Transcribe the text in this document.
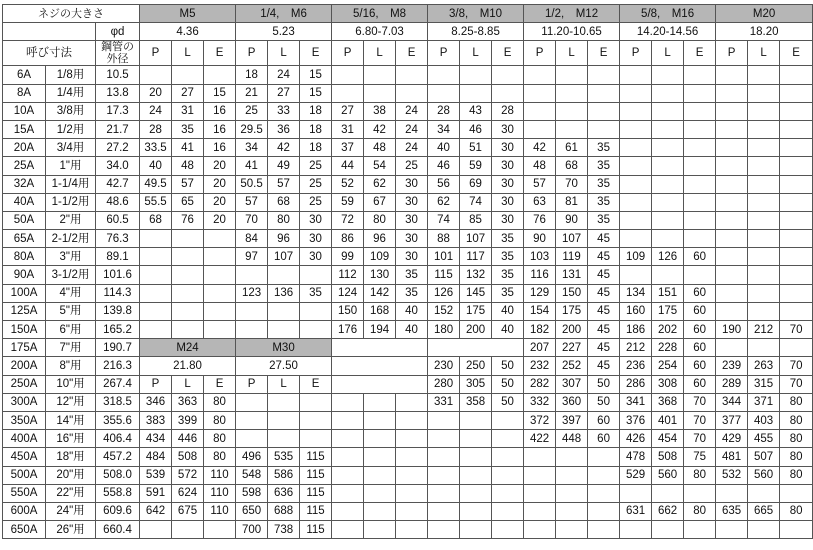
ネジの大きさ			M5			1/4,　M6			5/16,　M8			3/8,　M10			1/2,　M12			5/8,　M16			M20		
		φd	4.36			5.23			6.80-7.03			8.25-8.85			11.20-10.65			14.20-14.56			18.20		
呼び寸法		鋼管の
外径	P	L	E	P	L	E	P	L	E	P	L	E	P	L	E	P	L	E	P	L	E
6A	1/8用	10.5				18	24	15															
8A	1/4用	13.8	20	27	15	21	27	15															
10A	3/8用	17.3	24	31	16	25	33	18	27	38	24	28	43	28									
15A	1/2用	21.7	28	35	16	29.5	36	18	31	42	24	34	46	30									
20A	3/4用	27.2	33.5	41	16	34	42	18	37	48	24	40	51	30	42	61	35						
25A	1"用	34.0	40	48	20	41	49	25	44	54	25	46	59	30	48	68	35						
32A	1-1/4用	42.7	49.5	57	20	50.5	57	25	52	62	30	56	69	30	57	70	35						
40A	1-1/2用	48.6	55.5	65	20	57	68	25	59	67	30	62	74	30	63	81	35						
50A	2"用	60.5	68	76	20	70	80	30	72	80	30	74	85	30	76	90	35						
65A	2-1/2用	76.3				84	96	30	86	96	30	88	107	35	90	107	45						
80A	3"用	89.1				97	107	30	99	109	30	101	117	35	103	119	45	109	126	60			
90A	3-1/2用	101.6							112	130	35	115	132	35	116	131	45						
100A	4"用	114.3				123	136	35	124	142	35	126	145	35	129	150	45	134	151	60			
125A	5"用	139.8							150	168	40	152	175	40	154	175	45	160	175	60			
150A	6"用	165.2							176	194	40	180	200	40	182	200	45	186	202	60	190	212	70
175A	7"用	190.7	M24			M30									207	227	45	212	228	60			
200A	8"用	216.3	21.80			27.50						230	250	50	232	252	45	236	254	60	239	263	70
250A	10"用	267.4	P	L	E	P	L	E				280	305	50	282	307	50	286	308	60	289	315	70
300A	12"用	318.5	346	363	80							331	358	50	332	360	50	341	368	70	344	371	80
350A	14"用	355.6	383	399	80										372	397	60	376	401	70	377	403	80
400A	16"用	406.4	434	446	80										422	448	60	426	454	70	429	455	80
450A	18"用	457.2	484	508	80	496	535	115										478	508	75	481	507	80
500A	20"用	508.0	539	572	110	548	586	115										529	560	80	532	560	80
550A	22"用	558.8	591	624	110	598	636	115															
600A	24"用	609.6	642	675	110	650	688	115										631	662	80	635	665	80
650A	26"用	660.4				700	738	115															
